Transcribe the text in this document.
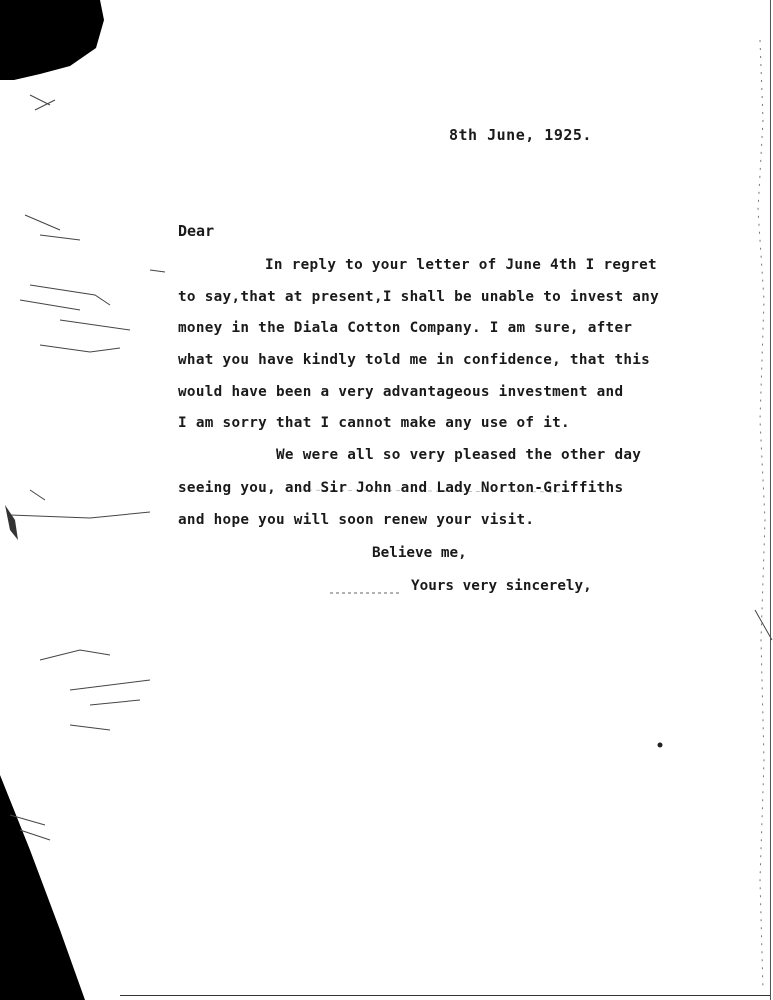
8th June, 1925.
Dear
In reply to your letter of June 4th I regret
to say,that at present,I shall be unable to invest any
money in the Diala Cotton Company. I am sure, after
what you have kindly told me in confidence, that this
would have been a very advantageous investment and
I am sorry that I cannot make any use of it.
We were all so very pleased the other day
seeing you, and Sir John and Lady Norton-Griffiths
and hope you will soon renew your visit.
Believe me,
Yours very sincerely,
